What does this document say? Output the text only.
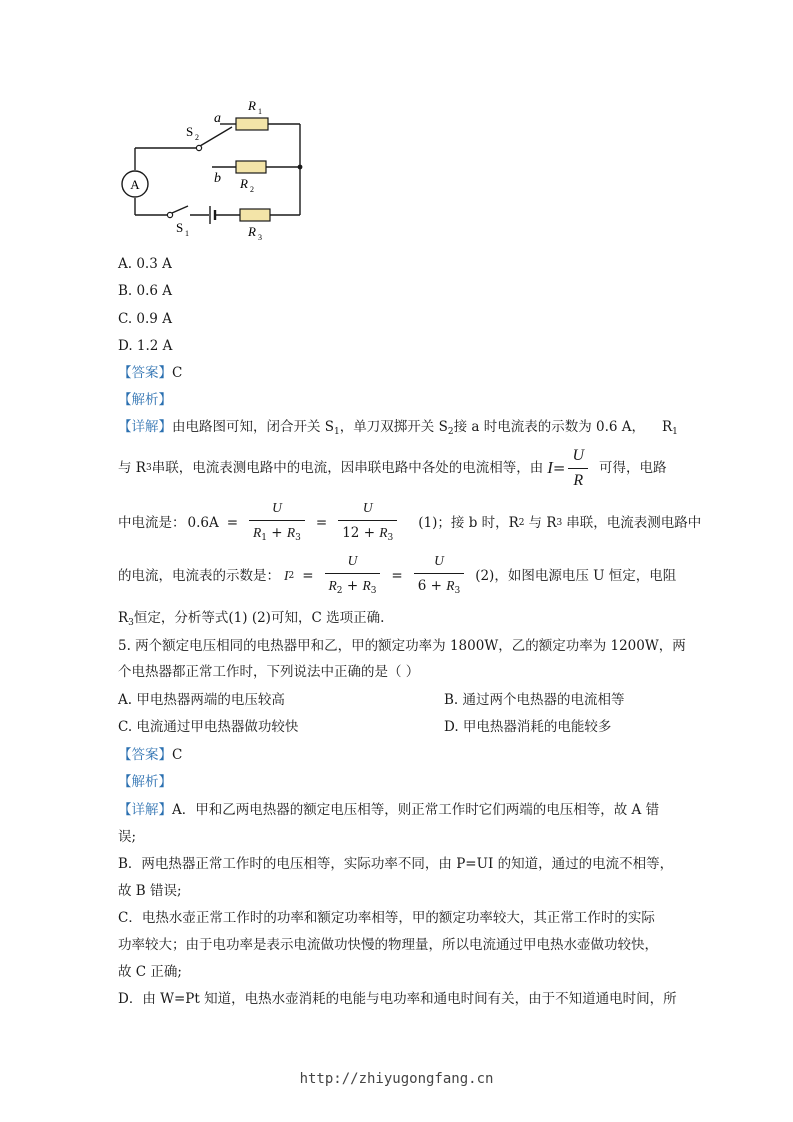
A
a
b
R 1
R 2
R 3
S 2
S 1
A. 0.3 A
B. 0.6 A
C. 0.9 A
D. 1.2 A
【答案】C
【解析】
【详解】由电路图可知，闭合开关 $S_1$，单刀双掷开关 $S_2$接 a 时电流表的示数为 0.6 A， $R_1$
与 R 3 串联，电流表测电路中的电流，因串联电路中各处的电流相等，由 $I = \frac{U}{R}$ 可得，电路
中电流是： $0.6A = \frac{U}{R_1 + R_3} = \frac{U}{12 + R_3} (1)$；接 b 时，R 2 与 R 3 串联，电流表测电路中
的电流，电流表的示数是： I $2 = \frac{U}{R_2 + R_3} = \frac{U}{6 + R_3} (2)$，如图电源电压 U 恒定，电阻
$R_3$恒定，分析等式(1) (2)可知，C 选项正确.
5. 两个额定电压相同的电热器甲和乙，甲的额定功率为 1800W，乙的额定功率为 1200W，两
个电热器都正常工作时，下列说法中正确的是（ ）
A. 甲电热器两端的电压较高	B. 通过两个电热器的电流相等
C. 电流通过甲电热器做功较快	D. 甲电热器消耗的电能较多
【答案】C
【解析】
【详解】A．甲和乙两电热器的额定电压相等，则正常工作时它们两端的电压相等，故 A 错
误;
B．两电热器正常工作时的电压相等，实际功率不同，由 P=UI 的知道，通过的电流不相等，
故 B 错误;
C．电热水壶正常工作时的功率和额定功率相等，甲的额定功率较大，其正常工作时的实际
功率较大；由于电功率是表示电流做功快慢的物理量，所以电流通过甲电热水壶做功较快，
故 C 正确;
D．由 W=Pt 知道，电热水壶消耗的电能与电功率和通电时间有关，由于不知道通电时间，所
http://zhiyugongfang.cn
